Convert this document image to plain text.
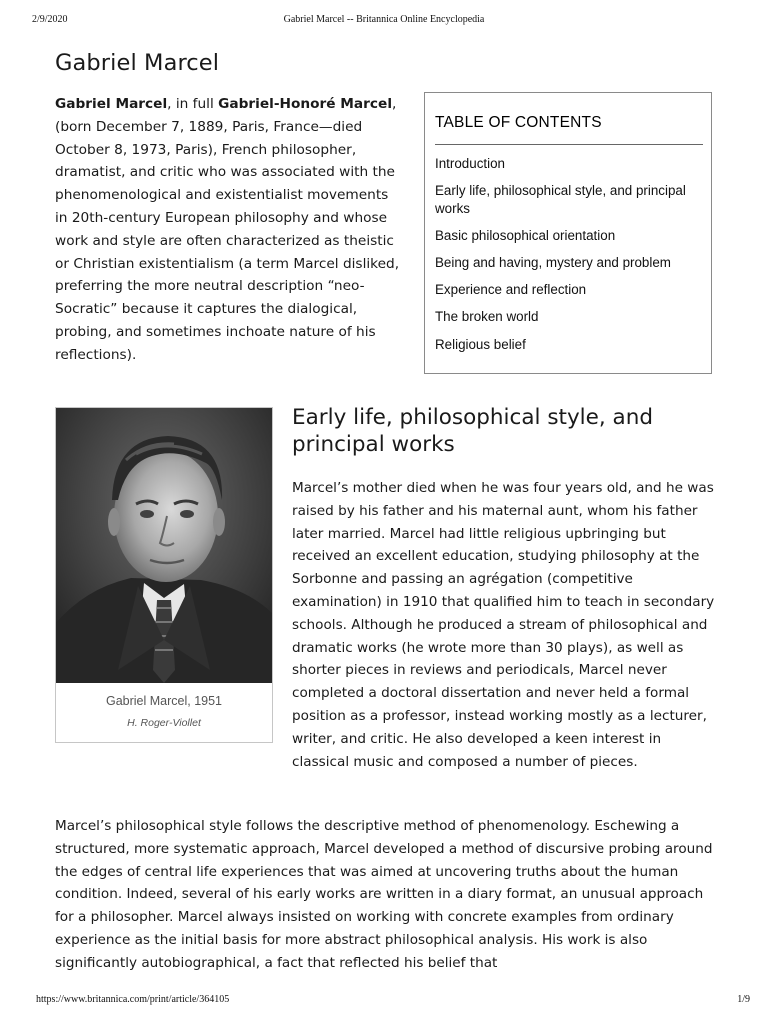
2/9/2020	Gabriel Marcel -- Britannica Online Encyclopedia
Gabriel Marcel

Gabriel Marcel, in full Gabriel-Honoré Marcel, (born December 7, 1889, Paris, France—died October 8, 1973, Paris), French philosopher, dramatist, and critic who was associated with the phenomenological and existentialist movements in 20th-century European philosophy and whose work and style are often characterized as theistic or Christian existentialism (a term Marcel disliked, preferring the more neutral description “neo-Socratic” because it captures the dialogical, probing, and sometimes inchoate nature of his reflections).

TABLE OF CONTENTS
Introduction
Early life, philosophical style, and principal works
Basic philosophical orientation
Being and having, mystery and problem
Experience and reflection
The broken world
Religious belief
Gabriel Marcel, 1951
H. Roger-Viollet
Early life, philosophical style, and principal works

Marcel’s mother died when he was four years old, and he was raised by his father and his maternal aunt, whom his father later married. Marcel had little religious upbringing but received an excellent education, studying philosophy at the Sorbonne and passing an agrégation (competitive examination) in 1910 that qualified him to teach in secondary schools. Although he produced a stream of philosophical and dramatic works (he wrote more than 30 plays), as well as shorter pieces in reviews and periodicals, Marcel never completed a doctoral dissertation and never held a formal position as a professor, instead working mostly as a lecturer, writer, and critic. He also developed a keen interest in classical music and composed a number of pieces.

Marcel’s philosophical style follows the descriptive method of phenomenology. Eschewing a structured, more systematic approach, Marcel developed a method of discursive probing around the edges of central life experiences that was aimed at uncovering truths about the human condition. Indeed, several of his early works are written in a diary format, an unusual approach for a philosopher. Marcel always insisted on working with concrete examples from ordinary experience as the initial basis for more abstract philosophical analysis. His work is also significantly autobiographical, a fact that reflected his belief that

https://www.britannica.com/print/article/364105	1/9
